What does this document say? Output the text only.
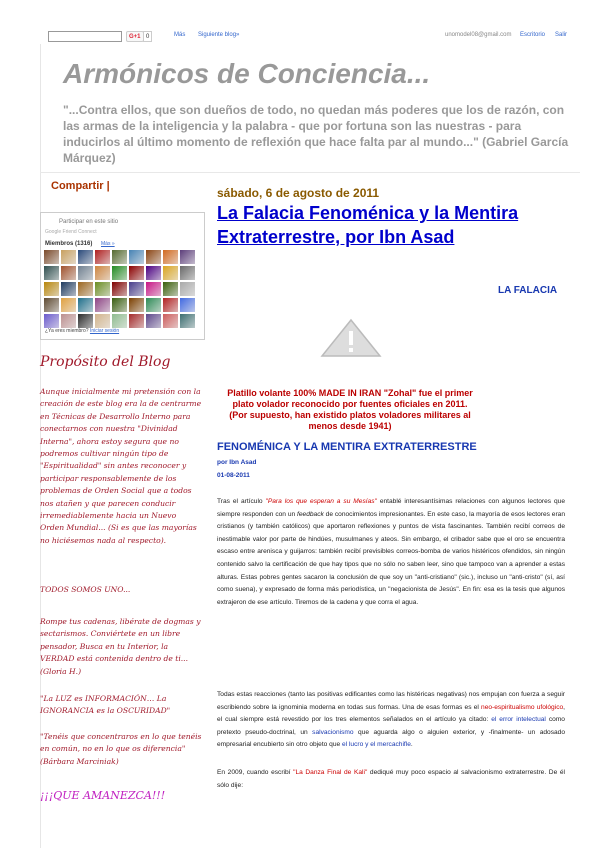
G+1 0	Más Siguiente blog»	unomodel08@gmail.com Escritorio Salir
Armónicos de Conciencia...
"...Contra ellos, que son dueños de todo, no quedan más poderes que los de razón, con las armas de la inteligencia y la palabra - que por fortuna son las nuestras - para inducirlos al último momento de reflexión que hace falta par al mundo..." (Gabriel García Márquez)
Compartir |
Participar en este sitio
Google Friend Connect
Miembros (1316) Más »
¿Ya eres miembro? Iniciar sesión
Propósito del Blog
Aunque inicialmente mi pretensión con la creación de este blog era la de centrarme en Técnicas de Desarrollo Interno para conectarnos con nuestra "Divinidad Interna", ahora estoy segura que no podremos cultivar ningún tipo de "Espiritualidad" sin antes reconocer y participar responsablemente de los problemas de Orden Social que a todos nos atañen y que parecen conducir irremediablemente hacia un Nuevo Orden Mundial... (Si es que las mayorías no hiciésemos nada al respecto).
TODOS SOMOS UNO...
Rompe tus cadenas, libérate de dogmas y sectarismos. Conviértete en un libre pensador, Busca en tu Interior, la VERDAD está contenida dentro de ti... (Gloria H.)
"La LUZ es INFORMACIÓN… La IGNORANCIA es la OSCURIDAD"
"Tenéis que concentraros en lo que tenéis en común, no en lo que os diferencia" (Bárbara Marciniak)
¡¡¡QUE AMANEZCA!!!
sábado, 6 de agosto de 2011
La Falacia Fenoménica y la Mentira Extraterrestre, por Ibn Asad
LA FALACIA
Platillo volante 100% MADE IN IRAN "Zohal" fue el primer plato volador reconocido por fuentes oficiales en 2011. (Por supuesto, han existido platos voladores militares al menos desde 1941)
FENOMÉNICA Y LA MENTIRA EXTRATERRESTRE
por Ibn Asad
01-08-2011
Tras el artículo "Para los que esperan a su Mesías" entablé interesantísimas relaciones con algunos lectores que siempre responden con un feedback de conocimientos impresionantes. En este caso, la mayoría de esos lectores eran cristianos (y también católicos) que aportaron reflexiones y puntos de vista fascinantes. También recibí correos de inestimable valor por parte de hindúes, musulmanes y ateos. Sin embargo, el cribador sabe que el oro se encuentra escaso entre arenisca y guijarros: también recibí previsibles correos-bomba de varios histéricos ofendidos, sin ningún contenido salvo la certificación de que hay tipos que no sólo no saben leer, sino que tampoco van a aprender a estas alturas. Estas pobres gentes sacaron la conclusión de que soy un "anti-cristiano" (sic.), incluso un "anti-cristo" (sí, así como suena), y expresado de forma más periodística, un "negacionista de Jesús". En fin: esa es la tesis que algunos extrajeron de ese artículo. Tiremos de la cadena y que corra el agua.
Todas estas reacciones (tanto las positivas edificantes como las histéricas negativas) nos empujan con fuerza a seguir escribiendo sobre la ignominia moderna en todas sus formas. Una de esas formas es el neo-espiritualismo ufológico, el cual siempre está revestido por los tres elementos señalados en el artículo ya citado: el error intelectual como pretexto pseudo-doctrinal, un salvacionismo que aguarda algo o alguien exterior, y -finalmente- un adosado empresarial encubierto sin otro objeto que el lucro y el mercachifle.
En 2009, cuando escribí "La Danza Final de Kali" dediqué muy poco espacio al salvacionismo extraterrestre. De él sólo dije:
